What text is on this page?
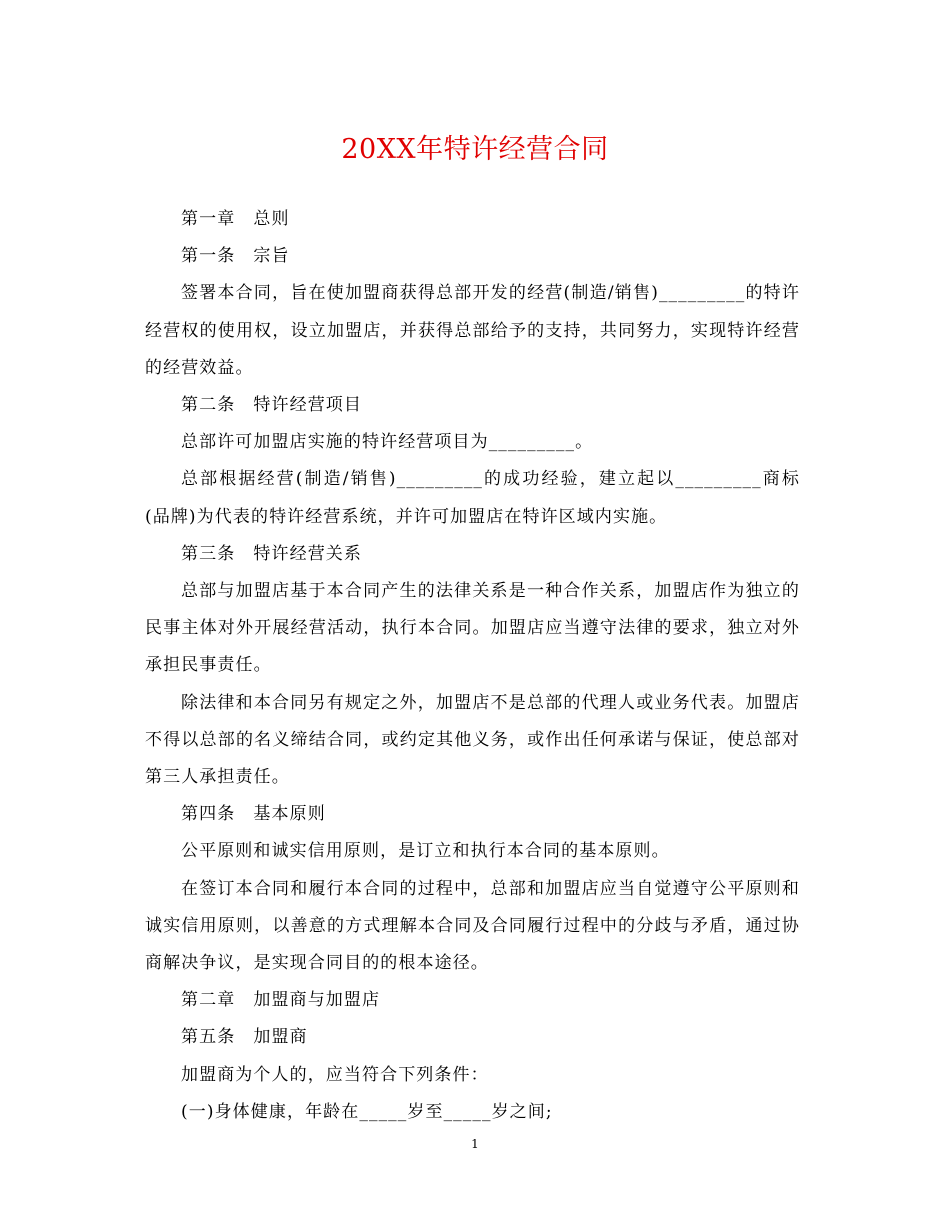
20XX年特许经营合同

第一章　总则

第一条　宗旨

签署本合同，旨在使加盟商获得总部开发的经营(制造/销售)_________的特许经营权的使用权，设立加盟店，并获得总部给予的支持，共同努力，实现特许经营的经营效益。

第二条　特许经营项目

总部许可加盟店实施的特许经营项目为_________。

总部根据经营(制造/销售)_________的成功经验，建立起以_________商标(品牌)为代表的特许经营系统，并许可加盟店在特许区域内实施。

第三条　特许经营关系

总部与加盟店基于本合同产生的法律关系是一种合作关系，加盟店作为独立的民事主体对外开展经营活动，执行本合同。加盟店应当遵守法律的要求，独立对外承担民事责任。

除法律和本合同另有规定之外，加盟店不是总部的代理人或业务代表。加盟店不得以总部的名义缔结合同，或约定其他义务，或作出任何承诺与保证，使总部对第三人承担责任。

第四条　基本原则

公平原则和诚实信用原则，是订立和执行本合同的基本原则。

在签订本合同和履行本合同的过程中，总部和加盟店应当自觉遵守公平原则和诚实信用原则，以善意的方式理解本合同及合同履行过程中的分歧与矛盾，通过协商解决争议，是实现合同目的的根本途径。

第二章　加盟商与加盟店

第五条　加盟商

加盟商为个人的，应当符合下列条件：

(一)身体健康，年龄在_____岁至_____岁之间;

1
